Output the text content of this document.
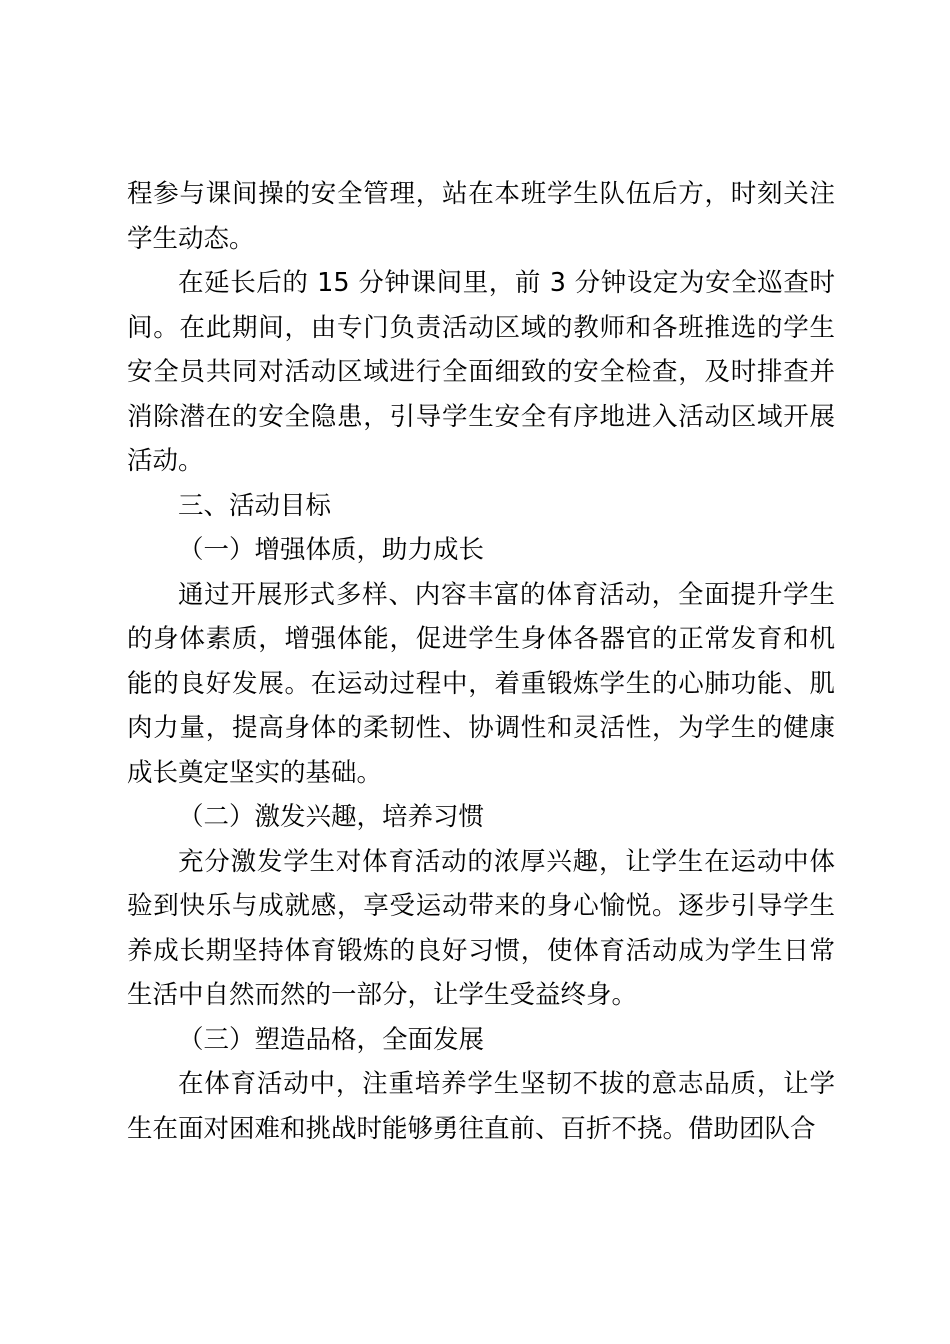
程参与课间操的安全管理，站在本班学生队伍后方，时刻关注学生动态。

在延长后的 15 分钟课间里，前 3 分钟设定为安全巡查时间。在此期间，由专门负责活动区域的教师和各班推选的学生安全员共同对活动区域进行全面细致的安全检查，及时排查并消除潜在的安全隐患，引导学生安全有序地进入活动区域开展活动。

三、活动目标

（一）增强体质，助力成长

通过开展形式多样、内容丰富的体育活动，全面提升学生的身体素质，增强体能，促进学生身体各器官的正常发育和机能的良好发展。在运动过程中，着重锻炼学生的心肺功能、肌肉力量，提高身体的柔韧性、协调性和灵活性，为学生的健康成长奠定坚实的基础。

（二）激发兴趣，培养习惯

充分激发学生对体育活动的浓厚兴趣，让学生在运动中体验到快乐与成就感，享受运动带来的身心愉悦。逐步引导学生养成长期坚持体育锻炼的良好习惯，使体育活动成为学生日常生活中自然而然的一部分，让学生受益终身。

（三）塑造品格，全面发展

在体育活动中，注重培养学生坚韧不拔的意志品质，让学生在面对困难和挑战时能够勇往直前、百折不挠。借助团队合
